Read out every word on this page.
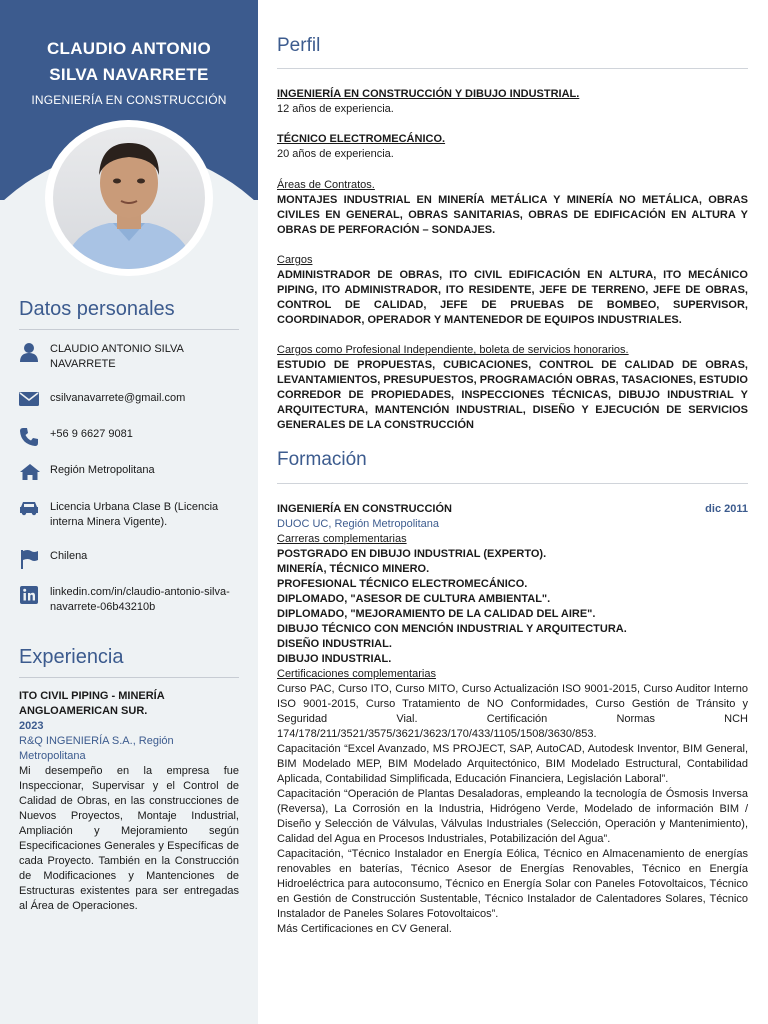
CLAUDIO ANTONIO
SILVA NAVARRETE
INGENIERÍA EN CONSTRUCCIÓN
Datos personales
CLAUDIO ANTONIO SILVA NAVARRETE
csilvanavarrete@gmail.com
+56 9 6627 9081
Región Metropolitana
Licencia Urbana Clase B (Licencia interna Minera Vigente).
Chilena
linkedin.com/in/claudio-antonio-silva-navarrete-06b43210b
Experiencia
ITO CIVIL PIPING - MINERÍA ANGLOAMERICAN SUR.
2023
R&Q INGENIERÍA S.A., Región Metropolitana
Mi desempeño en la empresa fue Inspeccionar, Supervisar y el Control de Calidad de Obras, en las construcciones de Nuevos Proyectos, Montaje Industrial, Ampliación y Mejoramiento según Especificaciones Generales y Específicas de cada Proyecto. También en la Construcción de Modificaciones y Mantenciones de Estructuras existentes para ser entregadas al Área de Operaciones.
Perfil
INGENIERÍA EN CONSTRUCCIÓN Y DIBUJO INDUSTRIAL.
12 años de experiencia.
TÉCNICO ELECTROMECÁNICO.
20 años de experiencia.
Áreas de Contratos.
MONTAJES INDUSTRIAL EN MINERÍA METÁLICA Y MINERÍA NO METÁLICA, OBRAS CIVILES EN GENERAL, OBRAS SANITARIAS, OBRAS DE EDIFICACIÓN EN ALTURA Y OBRAS DE PERFORACIÓN – SONDAJES.
Cargos
ADMINISTRADOR DE OBRAS, ITO CIVIL EDIFICACIÓN EN ALTURA, ITO MECÁNICO PIPING, ITO ADMINISTRADOR, ITO RESIDENTE, JEFE DE TERRENO, JEFE DE OBRAS, CONTROL DE CALIDAD, JEFE DE PRUEBAS DE BOMBEO, SUPERVISOR, COORDINADOR, OPERADOR Y MANTENEDOR DE EQUIPOS INDUSTRIALES.
Cargos como Profesional Independiente, boleta de servicios honorarios.
ESTUDIO DE PROPUESTAS, CUBICACIONES, CONTROL DE CALIDAD DE OBRAS, LEVANTAMIENTOS, PRESUPUESTOS, PROGRAMACIÓN OBRAS, TASACIONES, ESTUDIO CORREDOR DE PROPIEDADES, INSPECCIONES TÉCNICAS, DIBUJO INDUSTRIAL Y ARQUITECTURA, MANTENCIÓN INDUSTRIAL, DISEÑO Y EJECUCIÓN DE SERVICIOS GENERALES DE LA CONSTRUCCIÓN
Formación
INGENIERÍA EN CONSTRUCCIÓN	dic 2011
DUOC UC, Región Metropolitana
Carreras complementarias
POSTGRADO EN DIBUJO INDUSTRIAL (EXPERTO).
MINERÍA, TÉCNICO MINERO.
PROFESIONAL TÉCNICO ELECTROMECÁNICO.
DIPLOMADO, "ASESOR DE CULTURA AMBIENTAL".
DIPLOMADO, "MEJORAMIENTO DE LA CALIDAD DEL AIRE".
DIBUJO TÉCNICO CON MENCIÓN INDUSTRIAL Y ARQUITECTURA.
DISEÑO INDUSTRIAL.
DIBUJO INDUSTRIAL.
Certificaciones complementarias
Curso PAC, Curso ITO, Curso MITO, Curso Actualización ISO 9001-2015, Curso Auditor Interno ISO 9001-2015, Curso Tratamiento de NO Conformidades, Curso Gestión de Tránsito y Seguridad Vial. Certificación Normas NCH 174/178/211/3521/3575/3621/3623/170/433/1105/1508/3630/853.
Capacitación “Excel Avanzado, MS PROJECT, SAP, AutoCAD, Autodesk Inventor, BIM General, BIM Modelado MEP, BIM Modelado Arquitectónico, BIM Modelado Estructural, Contabilidad Aplicada, Contabilidad Simplificada, Educación Financiera, Legislación Laboral”.
Capacitación “Operación de Plantas Desaladoras, empleando la tecnología de Ósmosis Inversa (Reversa), La Corrosión en la Industria, Hidrógeno Verde, Modelado de información BIM / Diseño y Selección de Válvulas, Válvulas Industriales (Selección, Operación y Mantenimiento), Calidad del Agua en Procesos Industriales, Potabilización del Agua”.
Capacitación, “Técnico Instalador en Energía Eólica, Técnico en Almacenamiento de energías renovables en baterías, Técnico Asesor de Energías Renovables, Técnico en Energía Hidroeléctrica para autoconsumo, Técnico en Energía Solar con Paneles Fotovoltaicos, Técnico en Gestión de Construcción Sustentable, Técnico Instalador de Calentadores Solares, Técnico Instalador de Paneles Solares Fotovoltaicos”.
Más Certificaciones en CV General.
